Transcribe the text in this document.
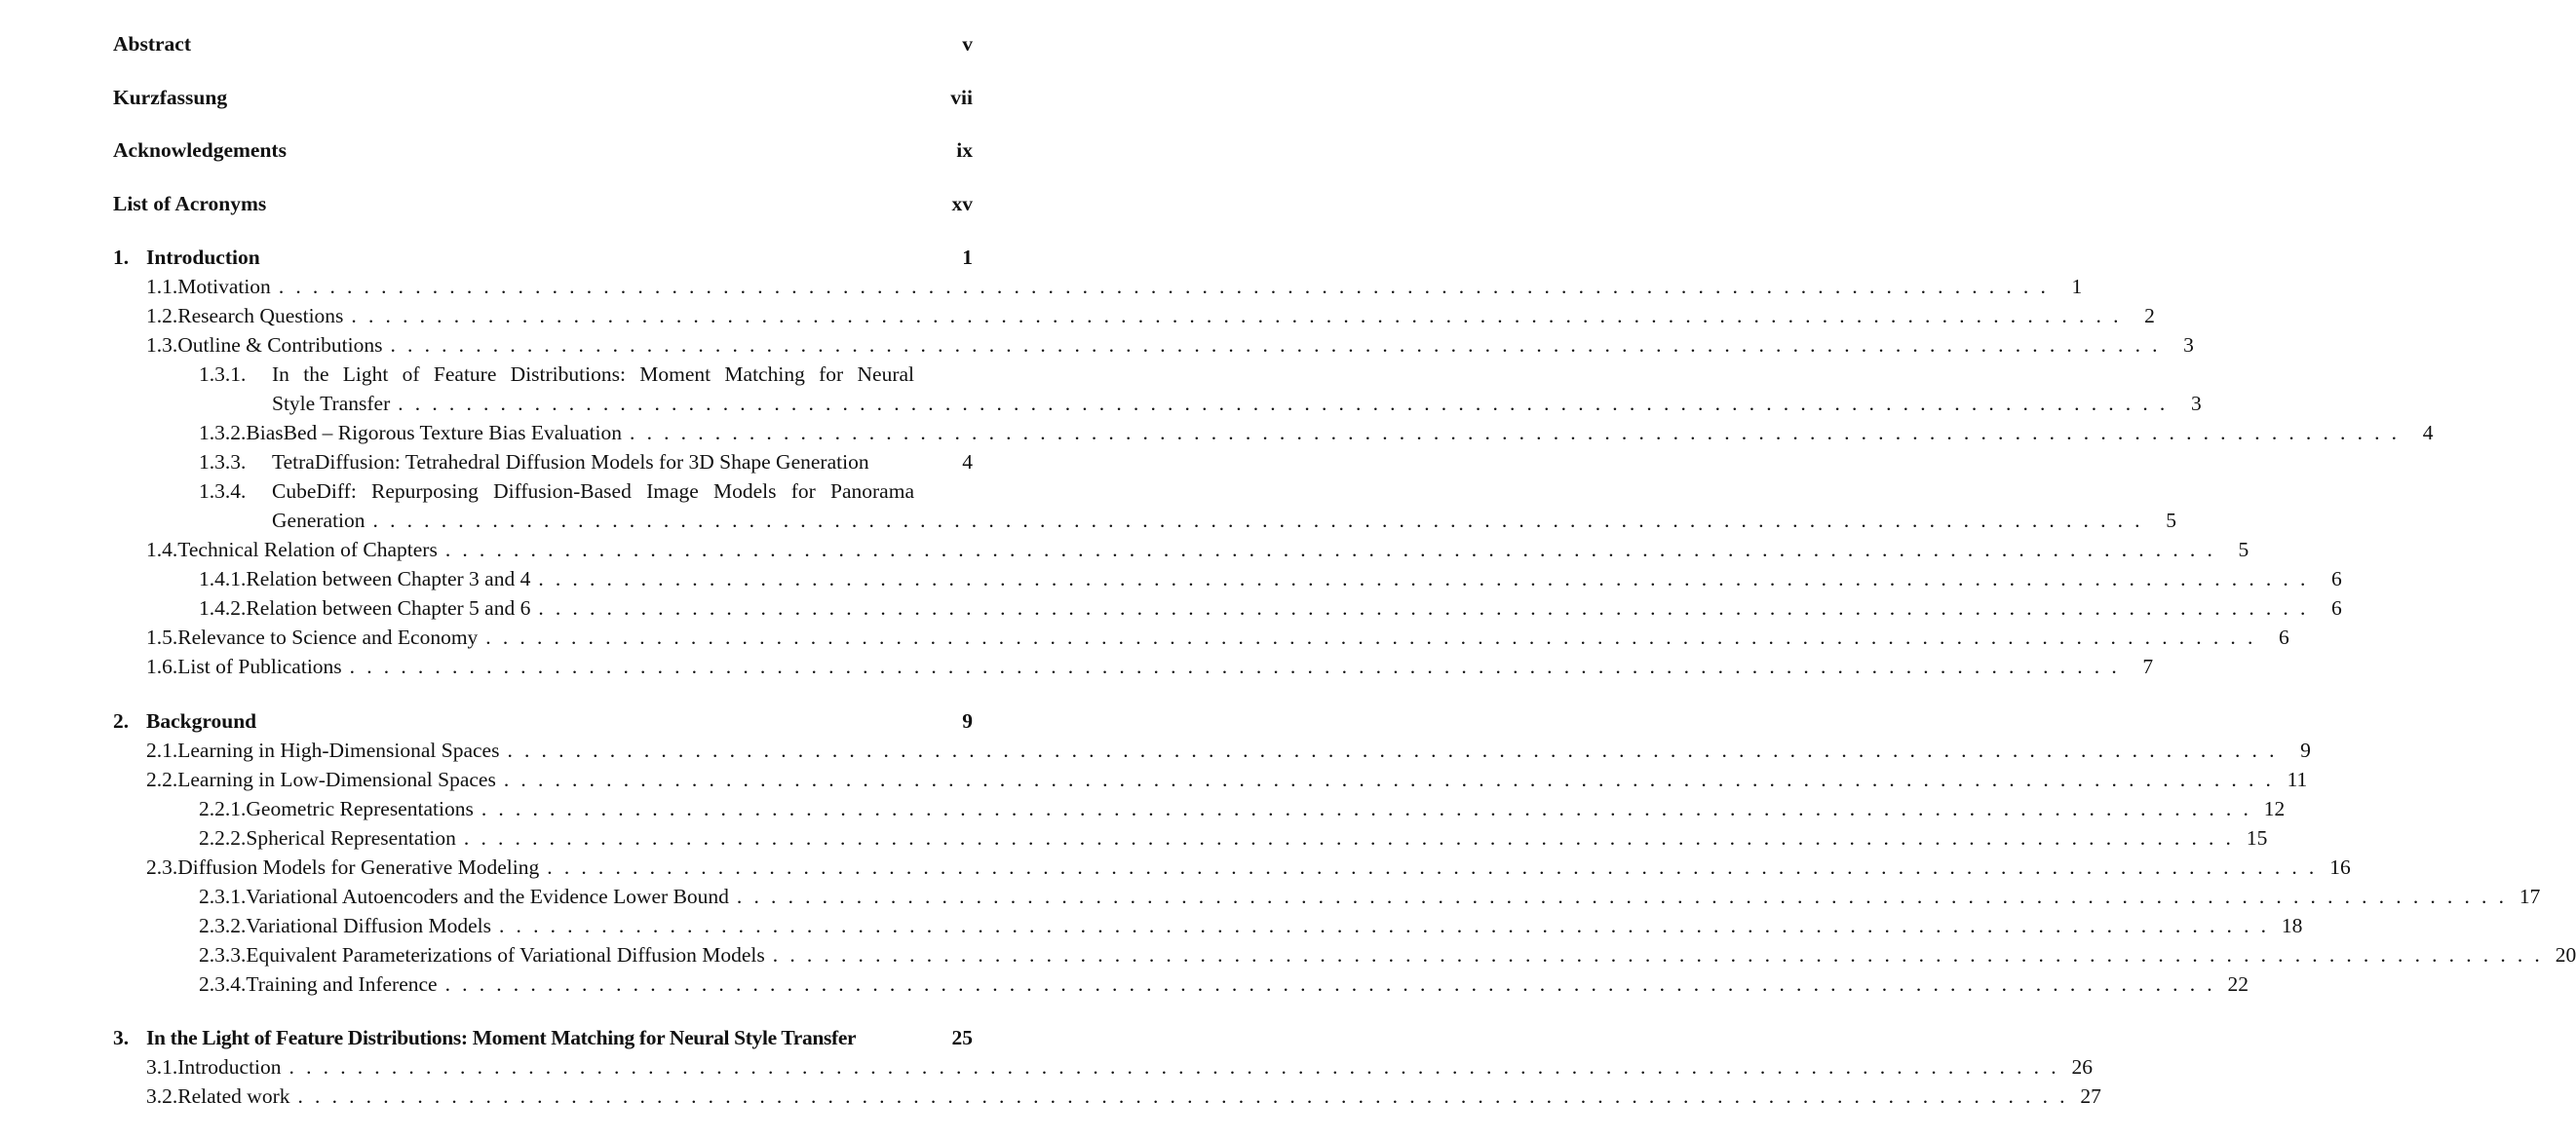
Abstract	v
Kurzfassung	vii
Acknowledgements	ix
List of Acronyms	xv
1. Introduction	1
1.1. Motivation . . .	1
1.2. Research Questions . . .	2
1.3. Outline & Contributions . . .	3
1.3.1.	In the Light of Feature Distributions: Moment Matching for Neural
Style Transfer . . .	3
1.3.2. BiasBed – Rigorous Texture Bias Evaluation . . .	4
1.3.3.	TetraDiffusion: Tetrahedral Diffusion Models for 3D Shape Generation	4
1.3.4.	CubeDiff: Repurposing Diffusion-Based Image Models for Panorama
Generation . . .	5
1.4. Technical Relation of Chapters . . .	5
1.4.1. Relation between Chapter 3 and 4 . . .	6
1.4.2. Relation between Chapter 5 and 6 . . .	6
1.5. Relevance to Science and Economy . . .	6
1.6. List of Publications . . .	7
2. Background	9
2.1. Learning in High-Dimensional Spaces . . .	9
2.2. Learning in Low-Dimensional Spaces . . .	11
2.2.1. Geometric Representations . . .	12
2.2.2. Spherical Representation . . .	15
2.3. Diffusion Models for Generative Modeling . . .	16
2.3.1. Variational Autoencoders and the Evidence Lower Bound . . .	17
2.3.2. Variational Diffusion Models . . .	18
2.3.3. Equivalent Parameterizations of Variational Diffusion Models . . .	20
2.3.4. Training and Inference . . .	22
3. In the Light of Feature Distributions: Moment Matching for Neural Style Transfer	25
3.1. Introduction . . .	26
3.2. Related work . . .	27
